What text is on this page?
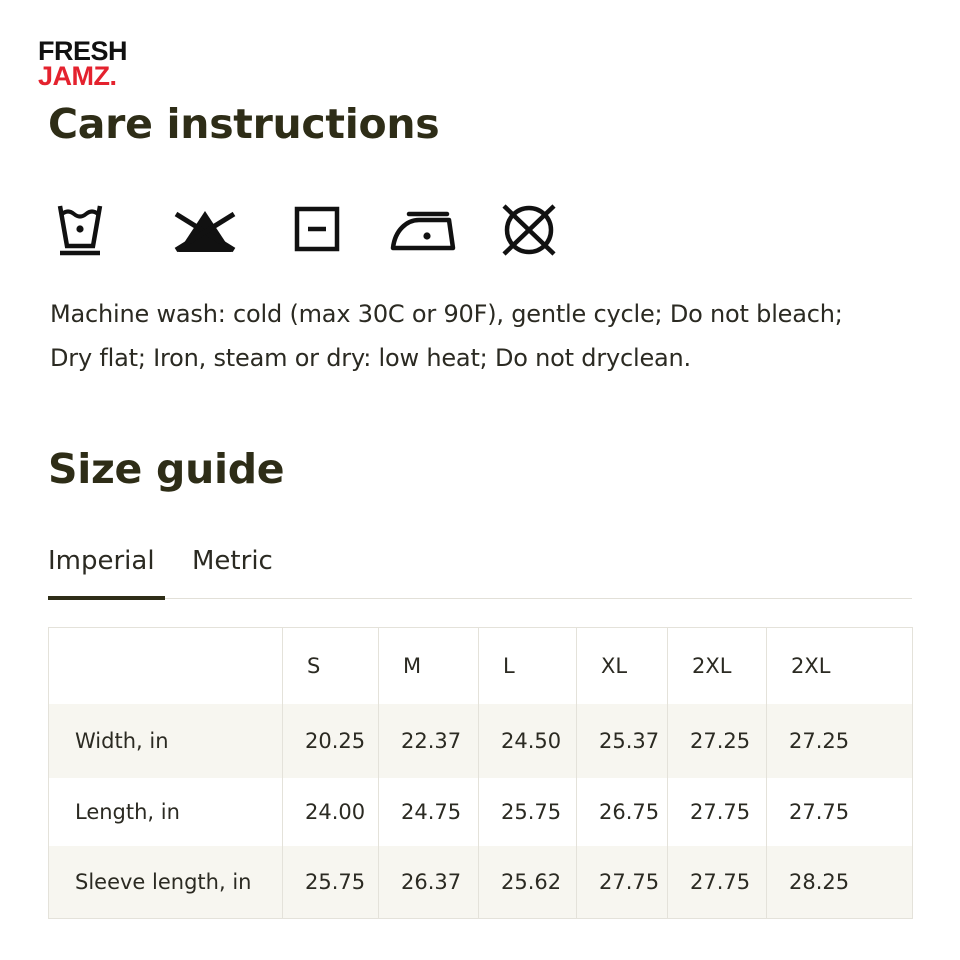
FRESH
JAMZ.
Care instructions
Machine wash: cold (max 30C or 90F), gentle cycle; Do not bleach;
Dry flat; Iron, steam or dry: low heat; Do not dryclean.
Size guide
Imperial Metric
	S	M	L	XL	2XL	2XL
Width, in	20.25	22.37	24.50	25.37	27.25	27.25
Length, in	24.00	24.75	25.75	26.75	27.75	27.75
Sleeve length, in	25.75	26.37	25.62	27.75	27.75	28.25
